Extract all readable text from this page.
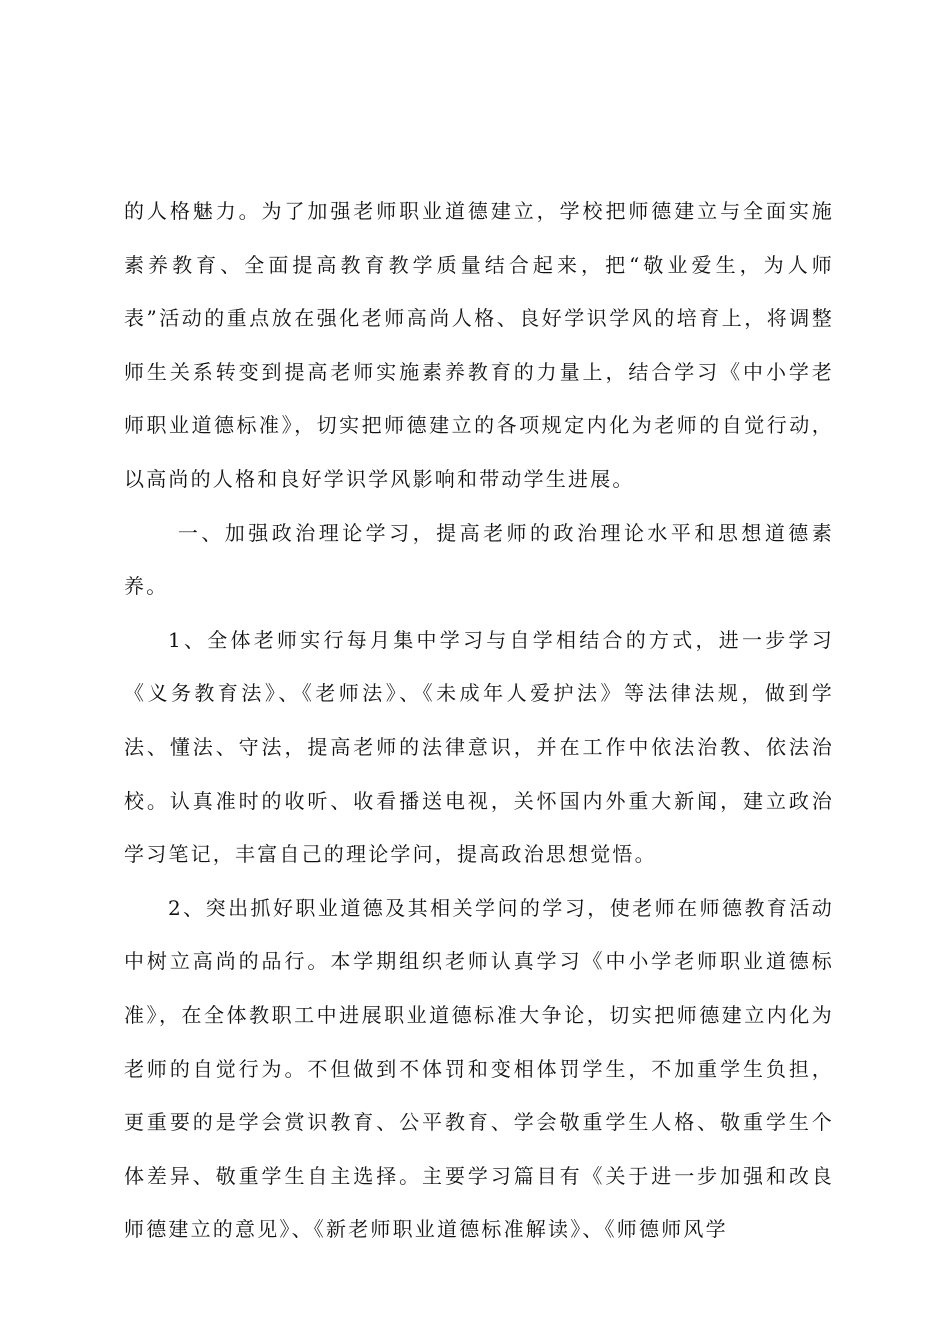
的人格魅力。为了加强老师职业道德建立，学校把师德建立与全面实施素养教育、全面提高教育教学质量结合起来，把“敬业爱生，为人师表”活动的重点放在强化老师高尚人格、良好学识学风的培育上，将调整师生关系转变到提高老师实施素养教育的力量上，结合学习《中小学老师职业道德标准》，切实把师德建立的各项规定内化为老师的自觉行动，以高尚的人格和良好学识学风影响和带动学生进展。

一、加强政治理论学习，提高老师的政治理论水平和思想道德素养。

1、全体老师实行每月集中学习与自学相结合的方式，进一步学习《义务教育法》、《老师法》、《未成年人爱护法》等法律法规，做到学法、懂法、守法，提高老师的法律意识，并在工作中依法治教、依法治校。认真准时的收听、收看播送电视，关怀国内外重大新闻，建立政治学习笔记，丰富自己的理论学问，提高政治思想觉悟。

2、突出抓好职业道德及其相关学问的学习，使老师在师德教育活动中树立高尚的品行。本学期组织老师认真学习《中小学老师职业道德标准》，在全体教职工中进展职业道德标准大争论，切实把师德建立内化为老师的自觉行为。不但做到不体罚和变相体罚学生，不加重学生负担，更重要的是学会赏识教育、公平教育、学会敬重学生人格、敬重学生个体差异、敬重学生自主选择。主要学习篇目有《关于进一步加强和改良师德建立的意见》、《新老师职业道德标准解读》、《师德师风学
